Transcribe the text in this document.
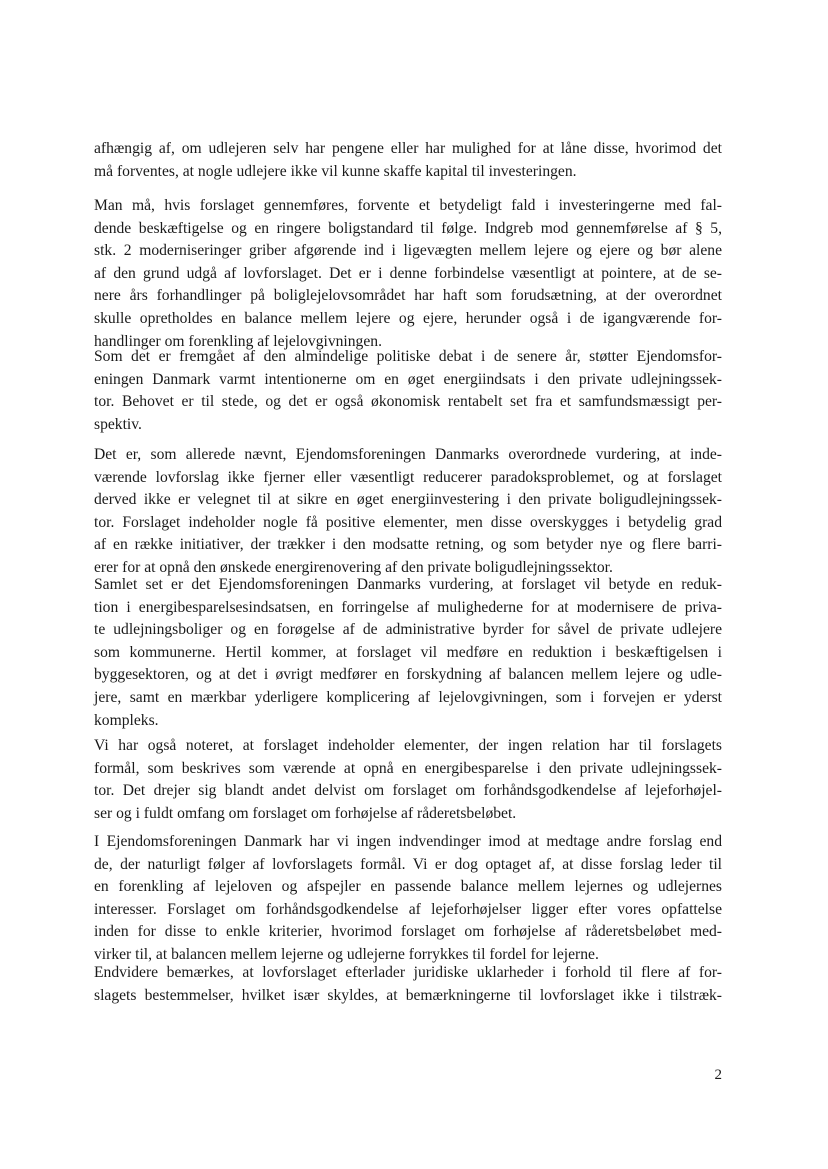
afhængig af, om udlejeren selv har pengene eller har mulighed for at låne disse, hvorimod det
må forventes, at nogle udlejere ikke vil kunne skaffe kapital til investeringen.

Man må, hvis forslaget gennemføres, forvente et betydeligt fald i investeringerne med fal-
dende beskæftigelse og en ringere boligstandard til følge. Indgreb mod gennemførelse af § 5,
stk. 2 moderniseringer griber afgørende ind i ligevægten mellem lejere og ejere og bør alene
af den grund udgå af lovforslaget. Det er i denne forbindelse væsentligt at pointere, at de se-
nere års forhandlinger på boliglejelovsområdet har haft som forudsætning, at der overordnet
skulle opretholdes en balance mellem lejere og ejere, herunder også i de igangværende for-
handlinger om forenkling af lejelovgivningen.

Som det er fremgået af den almindelige politiske debat i de senere år, støtter Ejendomsfor-
eningen Danmark varmt intentionerne om en øget energiindsats i den private udlejningssek-
tor. Behovet er til stede, og det er også økonomisk rentabelt set fra et samfundsmæssigt per-
spektiv.

Det er, som allerede nævnt, Ejendomsforeningen Danmarks overordnede vurdering, at inde-
værende lovforslag ikke fjerner eller væsentligt reducerer paradoksproblemet, og at forslaget
derved ikke er velegnet til at sikre en øget energiinvestering i den private boligudlejningssek-
tor. Forslaget indeholder nogle få positive elementer, men disse overskygges i betydelig grad
af en række initiativer, der trækker i den modsatte retning, og som betyder nye og flere barri-
erer for at opnå den ønskede energirenovering af den private boligudlejningssektor.

Samlet set er det Ejendomsforeningen Danmarks vurdering, at forslaget vil betyde en reduk-
tion i energibesparelsesindsatsen, en forringelse af mulighederne for at modernisere de priva-
te udlejningsboliger og en forøgelse af de administrative byrder for såvel de private udlejere
som kommunerne. Hertil kommer, at forslaget vil medføre en reduktion i beskæftigelsen i
byggesektoren, og at det i øvrigt medfører en forskydning af balancen mellem lejere og udle-
jere, samt en mærkbar yderligere komplicering af lejelovgivningen, som i forvejen er yderst
kompleks.

Vi har også noteret, at forslaget indeholder elementer, der ingen relation har til forslagets
formål, som beskrives som værende at opnå en energibesparelse i den private udlejningssek-
tor. Det drejer sig blandt andet delvist om forslaget om forhåndsgodkendelse af lejeforhøjel-
ser og i fuldt omfang om forslaget om forhøjelse af råderetsbeløbet.

I Ejendomsforeningen Danmark har vi ingen indvendinger imod at medtage andre forslag end
de, der naturligt følger af lovforslagets formål. Vi er dog optaget af, at disse forslag leder til
en forenkling af lejeloven og afspejler en passende balance mellem lejernes og udlejernes
interesser. Forslaget om forhåndsgodkendelse af lejeforhøjelser ligger efter vores opfattelse
inden for disse to enkle kriterier, hvorimod forslaget om forhøjelse af råderetsbeløbet med-
virker til, at balancen mellem lejerne og udlejerne forrykkes til fordel for lejerne.

Endvidere bemærkes, at lovforslaget efterlader juridiske uklarheder i forhold til flere af for-
slagets bestemmelser, hvilket især skyldes, at bemærkningerne til lovforslaget ikke i tilstræk-

2
